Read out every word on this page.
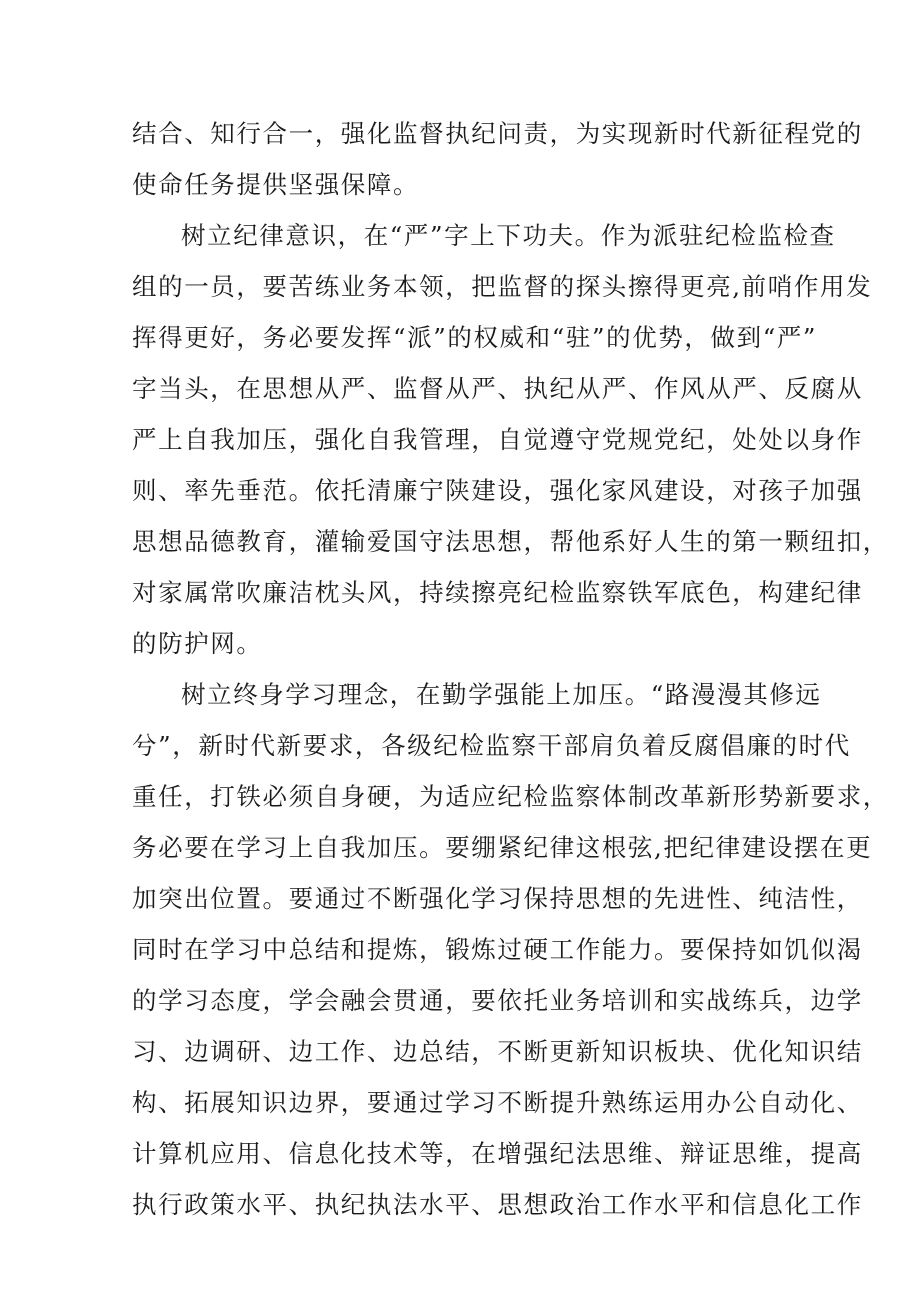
结合、知行合一，强化监督执纪问责，为实现新时代新征程党的
使命任务提供坚强保障。

树立纪律意识，在“严”字上下功夫。作为派驻纪检监检查
组的一员，要苦练业务本领，把监督的探头擦得更亮,前哨作用发
挥得更好，务必要发挥“派”的权威和“驻”的优势，做到“严”
字当头，在思想从严、监督从严、执纪从严、作风从严、反腐从
严上自我加压，强化自我管理，自觉遵守党规党纪，处处以身作
则、率先垂范。依托清廉宁陕建设，强化家风建设，对孩子加强
思想品德教育，灌输爱国守法思想，帮他系好人生的第一颗纽扣，
对家属常吹廉洁枕头风，持续擦亮纪检监察铁军底色，构建纪律
的防护网。

树立终身学习理念，在勤学强能上加压。“路漫漫其修远
兮”，新时代新要求，各级纪检监察干部肩负着反腐倡廉的时代
重任，打铁必须自身硬，为适应纪检监察体制改革新形势新要求，
务必要在学习上自我加压。要绷紧纪律这根弦,把纪律建设摆在更
加突出位置。要通过不断强化学习保持思想的先进性、纯洁性，
同时在学习中总结和提炼，锻炼过硬工作能力。要保持如饥似渴
的学习态度，学会融会贯通，要依托业务培训和实战练兵，边学
习、边调研、边工作、边总结，不断更新知识板块、优化知识结
构、拓展知识边界，要通过学习不断提升熟练运用办公自动化、
计算机应用、信息化技术等，在增强纪法思维、辩证思维，提高
执行政策水平、执纪执法水平、思想政治工作水平和信息化工作
